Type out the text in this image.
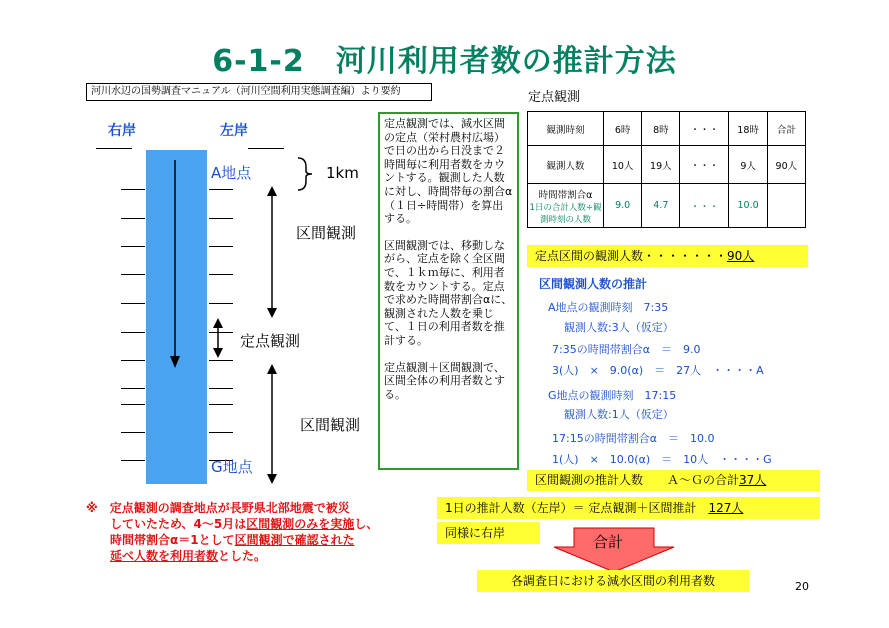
6-1-2　河川利用者数の推計方法
河川水辺の国勢調査マニュアル（河川空間利用実態調査編）より要約	定点観測
右岸	左岸
A地点
G地点
1km
区間観測
定点観測
区間観測

定点観測では、減水区間の定点（栄村農村広場）で日の出から日没まで２時間毎に利用者数をカウントする。観測した人数に対し、時間帯毎の割合α（１日÷時間帯）を算出する。

区間観測では、移動しながら、定点を除く全区間で、１ｋｍ毎に、利用者数をカウントする。定点で求めた時間帯割合αに、観測された人数を乗じて、１日の利用者数を推計する。

定点観測＋区間観測で、区間全体の利用者数とする。

観測時刻	6時	8時	・・・	18時	合計
観測人数	10人	19人	・・・	9人	90人

時間帯割合α
1日の合計人数÷観測時刻の人数	9.0	4.7	・・・	10.0	
定点区間の観測人数・・・・・・・90人
区間観測人数の推計
A地点の観測時刻　7:35
観測人数:3人（仮定）
7:35の時間帯割合α　＝　9.0
3(人)　×　9.0(α)　＝　27人　・・・・A
G地点の観測時刻　17:15
観測人数:1人（仮定）
17:15の時間帯割合α　＝　10.0
1(人)　×　10.0(α)　＝　10人　・・・・G
区間観測の推計人数　　Ａ～Ｇの合計37人
1日の推計人数（左岸）＝ 定点観測＋区間推計　 127人
同様に右岸	合計
各調査日における減水区間の利用者数
※　 定点観測の調査地点が長野県北部地震で被災
していたため、4～5月は区間観測のみを実施し、
時間帯割合α＝1として区間観測で確認された
延べ人数を利用者数とした。
20
